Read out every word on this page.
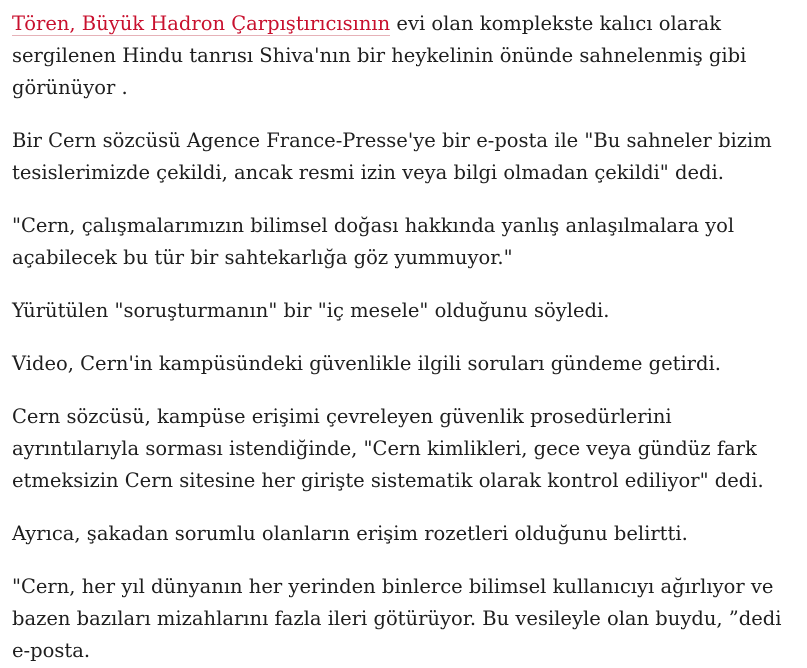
Tören, Büyük Hadron Çarpıştırıcısının evi olan komplekste kalıcı olarak sergilenen Hindu tanrısı Shiva'nın bir heykelinin önünde sahnelenmiş gibi görünüyor .

Bir Cern sözcüsü Agence France-Presse'ye bir e-posta ile "Bu sahneler bizim tesislerimizde çekildi, ancak resmi izin veya bilgi olmadan çekildi" dedi.

"Cern, çalışmalarımızın bilimsel doğası hakkında yanlış anlaşılmalara yol açabilecek bu tür bir sahtekarlığa göz yummuyor."

Yürütülen "soruşturmanın" bir "iç mesele" olduğunu söyledi.

Video, Cern'in kampüsündeki güvenlikle ilgili soruları gündeme getirdi.

Cern sözcüsü, kampüse erişimi çevreleyen güvenlik prosedürlerini ayrıntılarıyla sorması istendiğinde, "Cern kimlikleri, gece veya gündüz fark etmeksizin Cern sitesine her girişte sistematik olarak kontrol ediliyor" dedi.

Ayrıca, şakadan sorumlu olanların erişim rozetleri olduğunu belirtti.

"Cern, her yıl dünyanın her yerinden binlerce bilimsel kullanıcıyı ağırlıyor ve bazen bazıları mizahlarını fazla ileri götürüyor. Bu vesileyle olan buydu, ”dedi e-posta.
